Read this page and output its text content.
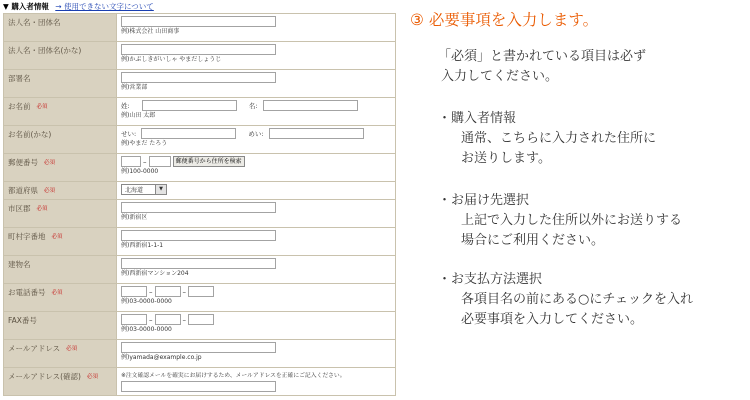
▼ 購入者情報 → 使用できない文字について
法人名・団体名	例)株式会社 山田商事

法人名・団体名(かな)	例)かぶしきがいしゃ やまだしょうじ

部署名	例)営業部

お名前 必須	姓: 名:
例)山田 太郎

お名前(かな)	せい: めい:
例)やまだ たろう

郵便番号 必須	– 郵便番号から住所を検索
例)100-0000

都道府県 必須	北海道 ▼

市区郡 必須	例)新宿区

町村字番地 必須	例)西新宿1-1-1

建物名	例)西新宿マンション204

お電話番号 必須	– –
例)03-0000-0000

FAX番号	– –
例)03-0000-0000

メールアドレス 必須	例)yamada@example.co.jp

メールアドレス(確認) 必須	※注文確認メールを確実にお届けするため、メールアドレスを正確にご記入ください。
③ 必要事項を入力します。
「必須」と書かれている項目は必ず
入力してください。
・購入者情報
通常、こちらに入力された住所に
お送りします。
・お届け先選択
上記で入力した住所以外にお送りする
場合にご利用ください。
・お支払方法選択
各項目名の前にある○にチェックを入れ
必要事項を入力してください。
